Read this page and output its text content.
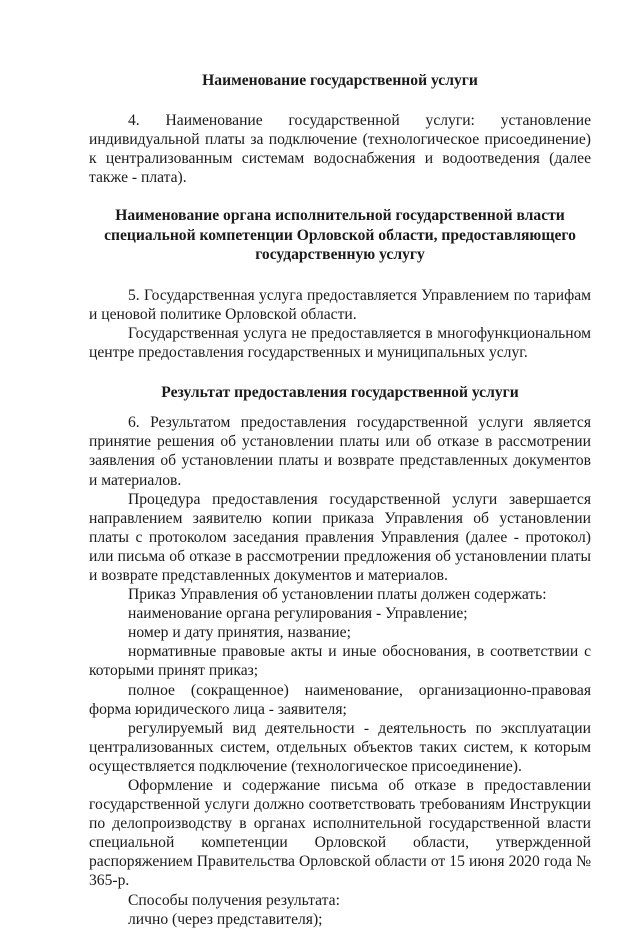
Наименование государственной услуги

4. Наименование государственной услуги: установление индивидуальной платы за подключение (технологическое присоединение) к централизованным системам водоснабжения и водоотведения (далее также - плата).

Наименование органа исполнительной государственной власти специальной компетенции Орловской области, предоставляющего государственную услугу

5. Государственная услуга предоставляется Управлением по тарифам и ценовой политике Орловской области.

Государственная услуга не предоставляется в многофункциональном центре предоставления государственных и муниципальных услуг.

Результат предоставления государственной услуги

6. Результатом предоставления государственной услуги является принятие решения об установлении платы или об отказе в рассмотрении заявления об установлении платы и возврате представленных документов и материалов.

Процедура предоставления государственной услуги завершается направлением заявителю копии приказа Управления об установлении платы с протоколом заседания правления Управления (далее - протокол) или письма об отказе в рассмотрении предложения об установлении платы и возврате представленных документов и материалов.

Приказ Управления об установлении платы должен содержать:

наименование органа регулирования - Управление;

номер и дату принятия, название;

нормативные правовые акты и иные обоснования, в соответствии с которыми принят приказ;

полное (сокращенное) наименование, организационно-правовая форма юридического лица - заявителя;

регулируемый вид деятельности - деятельность по эксплуатации централизованных систем, отдельных объектов таких систем, к которым осуществляется подключение (технологическое присоединение).

Оформление и содержание письма об отказе в предоставлении государственной услуги должно соответствовать требованиям Инструкции по делопроизводству в органах исполнительной государственной власти специальной компетенции Орловской области, утвержденной распоряжением Правительства Орловской области от 15 июня 2020 года № 365-р.

Способы получения результата:

лично (через представителя);
